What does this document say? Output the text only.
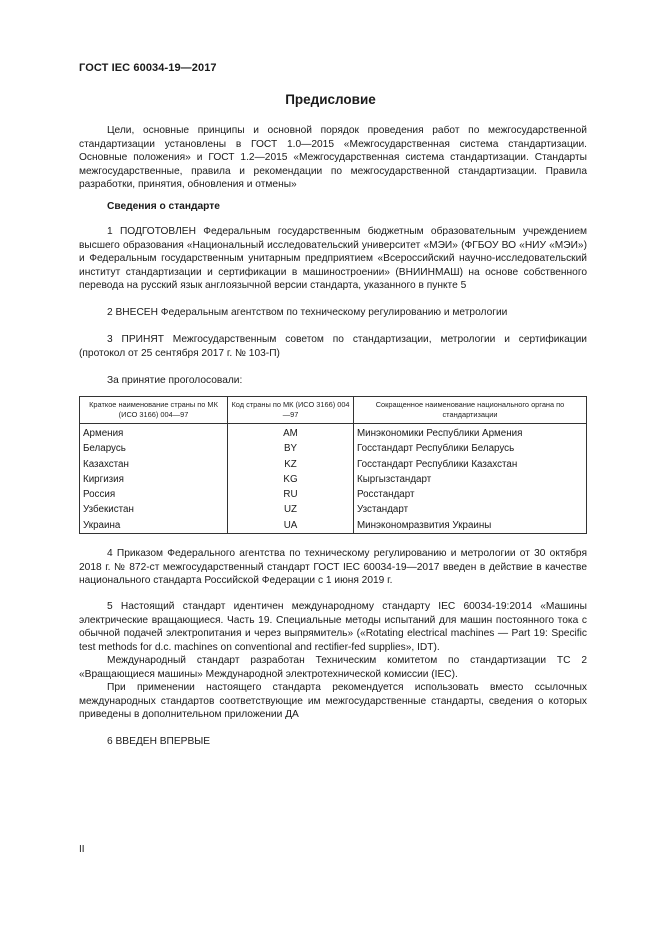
ГОСТ IEC 60034-19—2017
Предисловие
Цели, основные принципы и основной порядок проведения работ по межгосударственной стандартизации установлены в ГОСТ 1.0—2015 «Межгосударственная система стандартизации. Основные положения» и ГОСТ 1.2—2015 «Межгосударственная система стандартизации. Стандарты межгосударственные, правила и рекомендации по межгосударственной стандартизации. Правила разработки, принятия, обновления и отмены»
Сведения о стандарте
1 ПОДГОТОВЛЕН Федеральным государственным бюджетным образовательным учреждением высшего образования «Национальный исследовательский университет «МЭИ» (ФГБОУ ВО «НИУ «МЭИ») и Федеральным государственным унитарным предприятием «Всероссийский научно-исследовательский институт стандартизации и сертификации в машиностроении» (ВНИИНМАШ) на основе собственного перевода на русский язык англоязычной версии стандарта, указанного в пункте 5
2 ВНЕСЕН Федеральным агентством по техническому регулированию и метрологии
3 ПРИНЯТ Межгосударственным советом по стандартизации, метрологии и сертификации (протокол от 25 сентября 2017 г. № 103-П)
За принятие проголосовали:
Краткое наименование страны по МК (ИСО 3166) 004—97	Код страны по МК (ИСО 3166) 004—97	Сокращенное наименование национального органа по стандартизации
Армения	AM	Минэкономики Республики Армения
Беларусь	BY	Госстандарт Республики Беларусь
Казахстан	KZ	Госстандарт Республики Казахстан
Киргизия	KG	Кыргызстандарт
Россия	RU	Росстандарт
Узбекистан	UZ	Узстандарт
Украина	UA	Минэкономразвития Украины
4 Приказом Федерального агентства по техническому регулированию и метрологии от 30 октября 2018 г. № 872-ст межгосударственный стандарт ГОСТ IEC 60034-19—2017 введен в действие в качестве национального стандарта Российской Федерации с 1 июня 2019 г.
5 Настоящий стандарт идентичен международному стандарту IEC 60034-19:2014 «Машины электрические вращающиеся. Часть 19. Специальные методы испытаний для машин постоянного тока с обычной подачей электропитания и через выпрямитель» («Rotating electrical machines — Part 19: Specific test methods for d.c. machines on conventional and rectifier-fed supplies», IDT).
Международный стандарт разработан Техническим комитетом по стандартизации ТС 2 «Вращающиеся машины» Международной электротехнической комиссии (IEC).
При применении настоящего стандарта рекомендуется использовать вместо ссылочных международных стандартов соответствующие им межгосударственные стандарты, сведения о которых приведены в дополнительном приложении ДА
6 ВВЕДЕН ВПЕРВЫЕ
II
